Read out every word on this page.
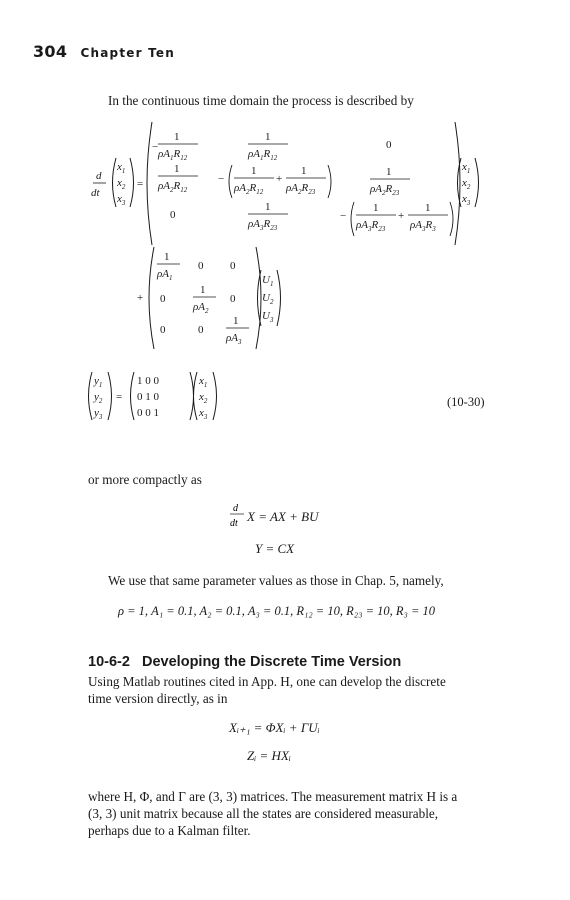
304 Chapter Ten
In the continuous time domain the process is described by
d
dt
$x_1$
$x_2$
$x_3$
=
−
1
$\rho A_1R_{12}$
1
$\rho A_1R_{12}$
0
1
$\rho A_2R_{12}$
−
1
$\rho A_2R_{12}$
+
1
$\rho A_2R_{23}$
1
$\rho A_2R_{23}$
0
1
$\rho A_3R_{23}$
−
1
$\rho A_3R_{23}$
+
1
$\rho A_3R_3$
$x_1$
$x_2$
$x_3$
+
1
$\rho A_1$
0 0
0
1
$\rho A_2$
0
0	0
1
$\rho A_3$
$U_1$
$U_2$
$U_3$
$y_1$
$y_2$
$y_3$
=
1 0 0
0 1 0
0 0 1
$x_1$
$x_2$
$x_3$
(10-30)
or more compactly as
d
dt X = AX + BU
Y = CX
We use that same parameter values as those in Chap. 5, namely,
ρ = 1, A₁ = 0.1, A₂ = 0.1, A₃ = 0.1, R₁₂ = 10, R₂₃ = 10, R₃ = 10
10-6-2 Developing the Discrete Time Version
Using Matlab routines cited in App. H, one can develop the discrete
time version directly, as in
Xᵢ₊₁ = ΦXᵢ + ΓUᵢ
Zᵢ = HXᵢ
where H, Φ, and Γ are (3, 3) matrices. The measurement matrix H is a
(3, 3) unit matrix because all the states are considered measurable,
perhaps due to a Kalman filter.
